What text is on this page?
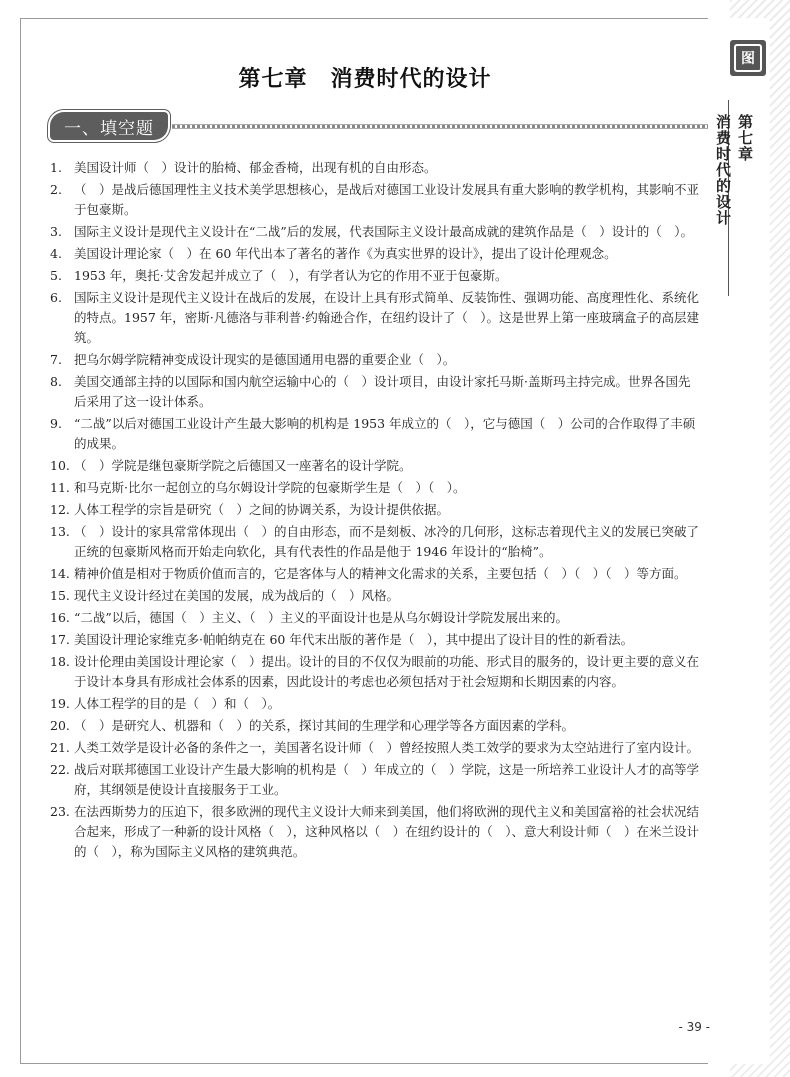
图
第七章
消费时代的设计
第七章　消费时代的设计
一、填空题
1. 美国设计师（　）设计的胎椅、郁金香椅，出现有机的自由形态。
2. （　）是战后德国理性主义技术美学思想核心，是战后对德国工业设计发展具有重大影响的教学机构，其影响不亚于包豪斯。
3. 国际主义设计是现代主义设计在“二战”后的发展，代表国际主义设计最高成就的建筑作品是（　）设计的（　）。
4. 美国设计理论家（　）在 60 年代出本了著名的著作《为真实世界的设计》，提出了设计伦理观念。
5. 1953 年，奥托·艾舍发起并成立了（　），有学者认为它的作用不亚于包豪斯。
6. 国际主义设计是现代主义设计在战后的发展，在设计上具有形式简单、反装饰性、强调功能、高度理性化、系统化的特点。1957 年，密斯·凡德洛与菲利普·约翰逊合作，在纽约设计了（　）。这是世界上第一座玻璃盒子的高层建筑。
7. 把乌尔姆学院精神变成设计现实的是德国通用电器的重要企业（　）。
8. 美国交通部主持的以国际和国内航空运输中心的（　）设计项目，由设计家托马斯·盖斯玛主持完成。世界各国先后采用了这一设计体系。
9. “二战”以后对德国工业设计产生最大影响的机构是 1953 年成立的（　），它与德国（　）公司的合作取得了丰硕的成果。
10. （　）学院是继包豪斯学院之后德国又一座著名的设计学院。
11. 和马克斯·比尔一起创立的乌尔姆设计学院的包豪斯学生是（　）（　）。
12. 人体工程学的宗旨是研究（　）之间的协调关系，为设计提供依据。
13. （　）设计的家具常常体现出（　）的自由形态，而不是刻板、冰冷的几何形，这标志着现代主义的发展已突破了正统的包豪斯风格而开始走向软化，具有代表性的作品是他于 1946 年设计的“胎椅”。
14. 精神价值是相对于物质价值而言的，它是客体与人的精神文化需求的关系，主要包括（　）（　）（　）等方面。
15. 现代主义设计经过在美国的发展，成为战后的（　）风格。
16. “二战”以后，德国（　）主义、（　）主义的平面设计也是从乌尔姆设计学院发展出来的。
17. 美国设计理论家维克多·帕帕纳克在 60 年代末出版的著作是（　），其中提出了设计目的性的新看法。
18. 设计伦理由美国设计理论家（　）提出。设计的目的不仅仅为眼前的功能、形式目的服务的，设计更主要的意义在于设计本身具有形成社会体系的因素，因此设计的考虑也必须包括对于社会短期和长期因素的内容。
19. 人体工程学的目的是（　）和（　）。
20. （　）是研究人、机器和（　）的关系，探讨其间的生理学和心理学等各方面因素的学科。
21. 人类工效学是设计必备的条件之一，美国著名设计师（　）曾经按照人类工效学的要求为太空站进行了室内设计。
22. 战后对联邦德国工业设计产生最大影响的机构是（　）年成立的（　）学院，这是一所培养工业设计人才的高等学府，其纲领是使设计直接服务于工业。
23. 在法西斯势力的压迫下，很多欧洲的现代主义设计大师来到美国，他们将欧洲的现代主义和美国富裕的社会状况结合起来，形成了一种新的设计风格（　），这种风格以（　）在纽约设计的（　）、意大利设计师（　）在米兰设计的（　），称为国际主义风格的建筑典范。
- 39 -
